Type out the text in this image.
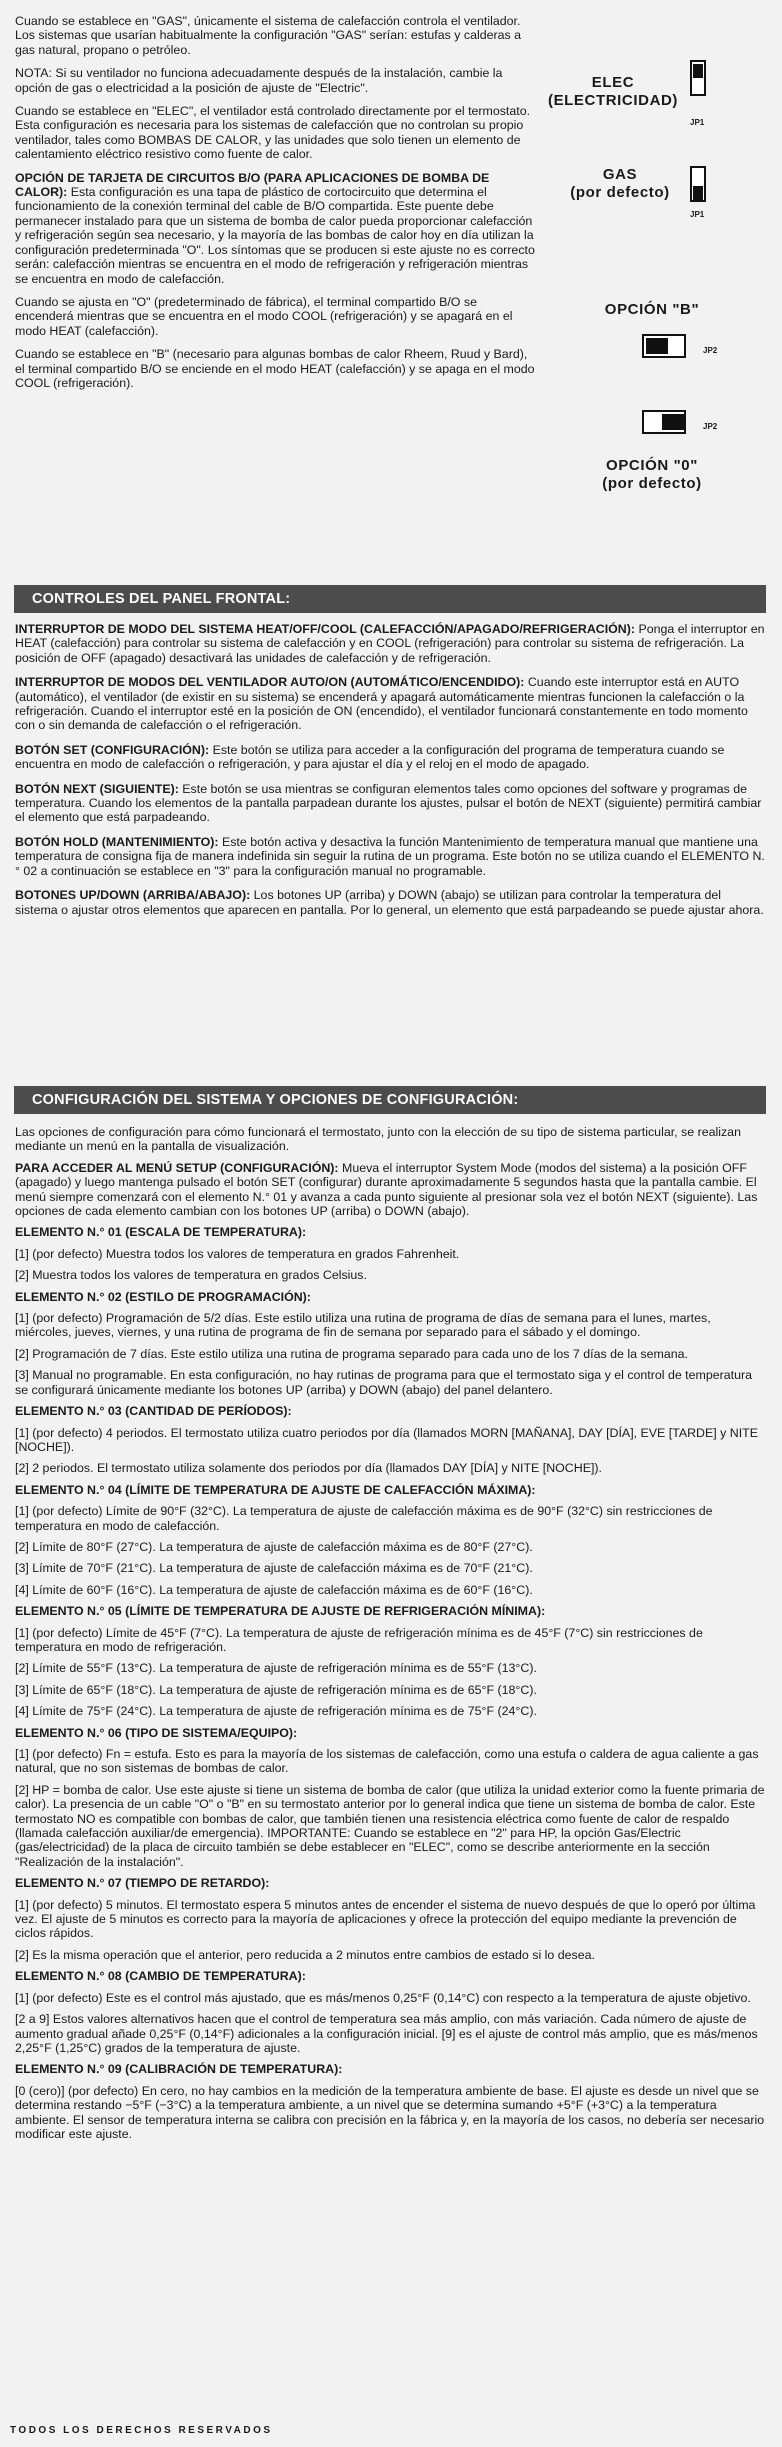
Cuando se establece en "GAS", únicamente el sistema de calefacción controla el ventilador. Los sistemas que usarían habitualmente la configuración "GAS" serían: estufas y calderas a gas natural, propano o petróleo.

NOTA: Si su ventilador no funciona adecuadamente después de la instalación, cambie la opción de gas o electricidad a la posición de ajuste de "Electric".

Cuando se establece en "ELEC", el ventilador está controlado directamente por el termostato. Esta configuración es necesaria para los sistemas de calefacción que no controlan su propio ventilador, tales como BOMBAS DE CALOR, y las unidades que solo tienen un elemento de calentamiento eléctrico resistivo como fuente de calor.

OPCIÓN DE TARJETA DE CIRCUITOS B/O (PARA APLICACIONES DE BOMBA DE CALOR): Esta configuración es una tapa de plástico de cortocircuito que determina el funcionamiento de la conexión terminal del cable de B/O compartida. Este puente debe permanecer instalado para que un sistema de bomba de calor pueda proporcionar calefacción y refrigeración según sea necesario, y la mayoría de las bombas de calor hoy en día utilizan la configuración predeterminada "O". Los síntomas que se producen si este ajuste no es correcto serán: calefacción mientras se encuentra en el modo de refrigeración y refrigeración mientras se encuentra en modo de calefacción.

Cuando se ajusta en "O" (predeterminado de fábrica), el terminal compartido B/O se encenderá mientras que se encuentra en el modo COOL (refrigeración) y se apagará en el modo HEAT (calefacción).

Cuando se establece en "B" (necesario para algunas bombas de calor Rheem, Ruud y Bard), el terminal compartido B/O se enciende en el modo HEAT (calefacción) y se apaga en el modo COOL (refrigeración).

ELEC
(ELECTRICIDAD)
JP1
GAS
(por defecto)
JP1
OPCIÓN "B"
JP2
JP2
OPCIÓN "0"
(por defecto)
CONTROLES DEL PANEL FRONTAL:

INTERRUPTOR DE MODO DEL SISTEMA HEAT/OFF/COOL (CALEFACCIÓN/APAGADO/REFRIGERACIÓN): Ponga el interruptor en HEAT (calefacción) para controlar su sistema de calefacción y en COOL (refrigeración) para controlar su sistema de refrigeración. La posición de OFF (apagado) desactivará las unidades de calefacción y de refrigeración.

INTERRUPTOR DE MODOS DEL VENTILADOR AUTO/ON (AUTOMÁTICO/ENCENDIDO): Cuando este interruptor está en AUTO (automático), el ventilador (de existir en su sistema) se encenderá y apagará automáticamente mientras funcionen la calefacción o la refrigeración. Cuando el interruptor esté en la posición de ON (encendido), el ventilador funcionará constantemente en todo momento con o sin demanda de calefacción o el refrigeración.

BOTÓN SET (CONFIGURACIÓN): Este botón se utiliza para acceder a la configuración del programa de temperatura cuando se encuentra en modo de calefacción o refrigeración, y para ajustar el día y el reloj en el modo de apagado.

BOTÓN NEXT (SIGUIENTE): Este botón se usa mientras se configuran elementos tales como opciones del software y programas de temperatura. Cuando los elementos de la pantalla parpadean durante los ajustes, pulsar el botón de NEXT (siguiente) permitirá cambiar el elemento que está parpadeando.

BOTÓN HOLD (MANTENIMIENTO): Este botón activa y desactiva la función Mantenimiento de temperatura manual que mantiene una temperatura de consigna fija de manera indefinida sin seguir la rutina de un programa. Este botón no se utiliza cuando el ELEMENTO N.° 02 a continuación se establece en "3" para la configuración manual no programable.

BOTONES UP/DOWN (ARRIBA/ABAJO): Los botones UP (arriba) y DOWN (abajo) se utilizan para controlar la temperatura del sistema o ajustar otros elementos que aparecen en pantalla. Por lo general, un elemento que está parpadeando se puede ajustar ahora.

CONFIGURACIÓN DEL SISTEMA Y OPCIONES DE CONFIGURACIÓN:

Las opciones de configuración para cómo funcionará el termostato, junto con la elección de su tipo de sistema particular, se realizan mediante un menú en la pantalla de visualización.

PARA ACCEDER AL MENÚ SETUP (CONFIGURACIÓN): Mueva el interruptor System Mode (modos del sistema) a la posición OFF (apagado) y luego mantenga pulsado el botón SET (configurar) durante aproximadamente 5 segundos hasta que la pantalla cambie. El menú siempre comenzará con el elemento N.° 01 y avanza a cada punto siguiente al presionar sola vez el botón NEXT (siguiente). Las opciones de cada elemento cambian con los botones UP (arriba) o DOWN (abajo).

ELEMENTO N.° 01 (ESCALA DE TEMPERATURA):

[1] (por defecto) Muestra todos los valores de temperatura en grados Fahrenheit.

[2] Muestra todos los valores de temperatura en grados Celsius.

ELEMENTO N.° 02 (ESTILO DE PROGRAMACIÓN):

[1] (por defecto) Programación de 5/2 días. Este estilo utiliza una rutina de programa de días de semana para el lunes, martes, miércoles, jueves, viernes, y una rutina de programa de fin de semana por separado para el sábado y el domingo.

[2] Programación de 7 días. Este estilo utiliza una rutina de programa separado para cada uno de los 7 días de la semana.

[3] Manual no programable. En esta configuración, no hay rutinas de programa para que el termostato siga y el control de temperatura se configurará únicamente mediante los botones UP (arriba) y DOWN (abajo) del panel delantero.

ELEMENTO N.° 03 (CANTIDAD DE PERÍODOS):

[1] (por defecto) 4 periodos. El termostato utiliza cuatro periodos por día (llamados MORN [MAÑANA], DAY [DÍA], EVE [TARDE] y NITE [NOCHE]).

[2] 2 periodos. El termostato utiliza solamente dos periodos por día (llamados DAY [DÍA] y NITE [NOCHE]).

ELEMENTO N.° 04 (LÍMITE DE TEMPERATURA DE AJUSTE DE CALEFACCIÓN MÁXIMA):

[1] (por defecto) Límite de 90°F (32°C). La temperatura de ajuste de calefacción máxima es de 90°F (32°C) sin restricciones de temperatura en modo de calefacción.

[2] Límite de 80°F (27°C). La temperatura de ajuste de calefacción máxima es de 80°F (27°C).

[3] Límite de 70°F (21°C). La temperatura de ajuste de calefacción máxima es de 70°F (21°C).

[4] Límite de 60°F (16°C). La temperatura de ajuste de calefacción máxima es de 60°F (16°C).

ELEMENTO N.° 05 (LÍMITE DE TEMPERATURA DE AJUSTE DE REFRIGERACIÓN MÍNIMA):

[1] (por defecto) Límite de 45°F (7°C). La temperatura de ajuste de refrigeración mínima es de 45°F (7°C) sin restricciones de temperatura en modo de refrigeración.

[2] Límite de 55°F (13°C). La temperatura de ajuste de refrigeración mínima es de 55°F (13°C).

[3] Límite de 65°F (18°C). La temperatura de ajuste de refrigeración mínima es de 65°F (18°C).

[4] Límite de 75°F (24°C). La temperatura de ajuste de refrigeración mínima es de 75°F (24°C).

ELEMENTO N.° 06 (TIPO DE SISTEMA/EQUIPO):

[1] (por defecto) Fn = estufa. Esto es para la mayoría de los sistemas de calefacción, como una estufa o caldera de agua caliente a gas natural, que no son sistemas de bombas de calor.

[2] HP = bomba de calor. Use este ajuste si tiene un sistema de bomba de calor (que utiliza la unidad exterior como la fuente primaria de calor). La presencia de un cable "O" o "B" en su termostato anterior por lo general indica que tiene un sistema de bomba de calor. Este termostato NO es compatible con bombas de calor, que también tienen una resistencia eléctrica como fuente de calor de respaldo (llamada calefacción auxiliar/de emergencia). IMPORTANTE: Cuando se establece en "2" para HP, la opción Gas/Electric (gas/electricidad) de la placa de circuito también se debe establecer en "ELEC", como se describe anteriormente en la sección "Realización de la instalación".

ELEMENTO N.° 07 (TIEMPO DE RETARDO):

[1] (por defecto) 5 minutos. El termostato espera 5 minutos antes de encender el sistema de nuevo después de que lo operó por última vez. El ajuste de 5 minutos es correcto para la mayoría de aplicaciones y ofrece la protección del equipo mediante la prevención de ciclos rápidos.

[2] Es la misma operación que el anterior, pero reducida a 2 minutos entre cambios de estado si lo desea.

ELEMENTO N.° 08 (CAMBIO DE TEMPERATURA):

[1] (por defecto) Este es el control más ajustado, que es más/menos 0,25°F (0,14°C) con respecto a la temperatura de ajuste objetivo.

[2 a 9] Estos valores alternativos hacen que el control de temperatura sea más amplio, con más variación. Cada número de ajuste de aumento gradual añade 0,25°F (0,14°F) adicionales a la configuración inicial. [9] es el ajuste de control más amplio, que es más/menos 2,25°F (1,25°C) grados de la temperatura de ajuste.

ELEMENTO N.° 09 (CALIBRACIÓN DE TEMPERATURA):

[0 (cero)] (por defecto) En cero, no hay cambios en la medición de la temperatura ambiente de base. El ajuste es desde un nivel que se determina restando −5°F (−3°C) a la temperatura ambiente, a un nivel que se determina sumando +5°F (+3°C) a la temperatura ambiente. El sensor de temperatura interna se calibra con precisión en la fábrica y, en la mayoría de los casos, no debería ser necesario modificar este ajuste.

TODOS LOS DERECHOS RESERVADOS
